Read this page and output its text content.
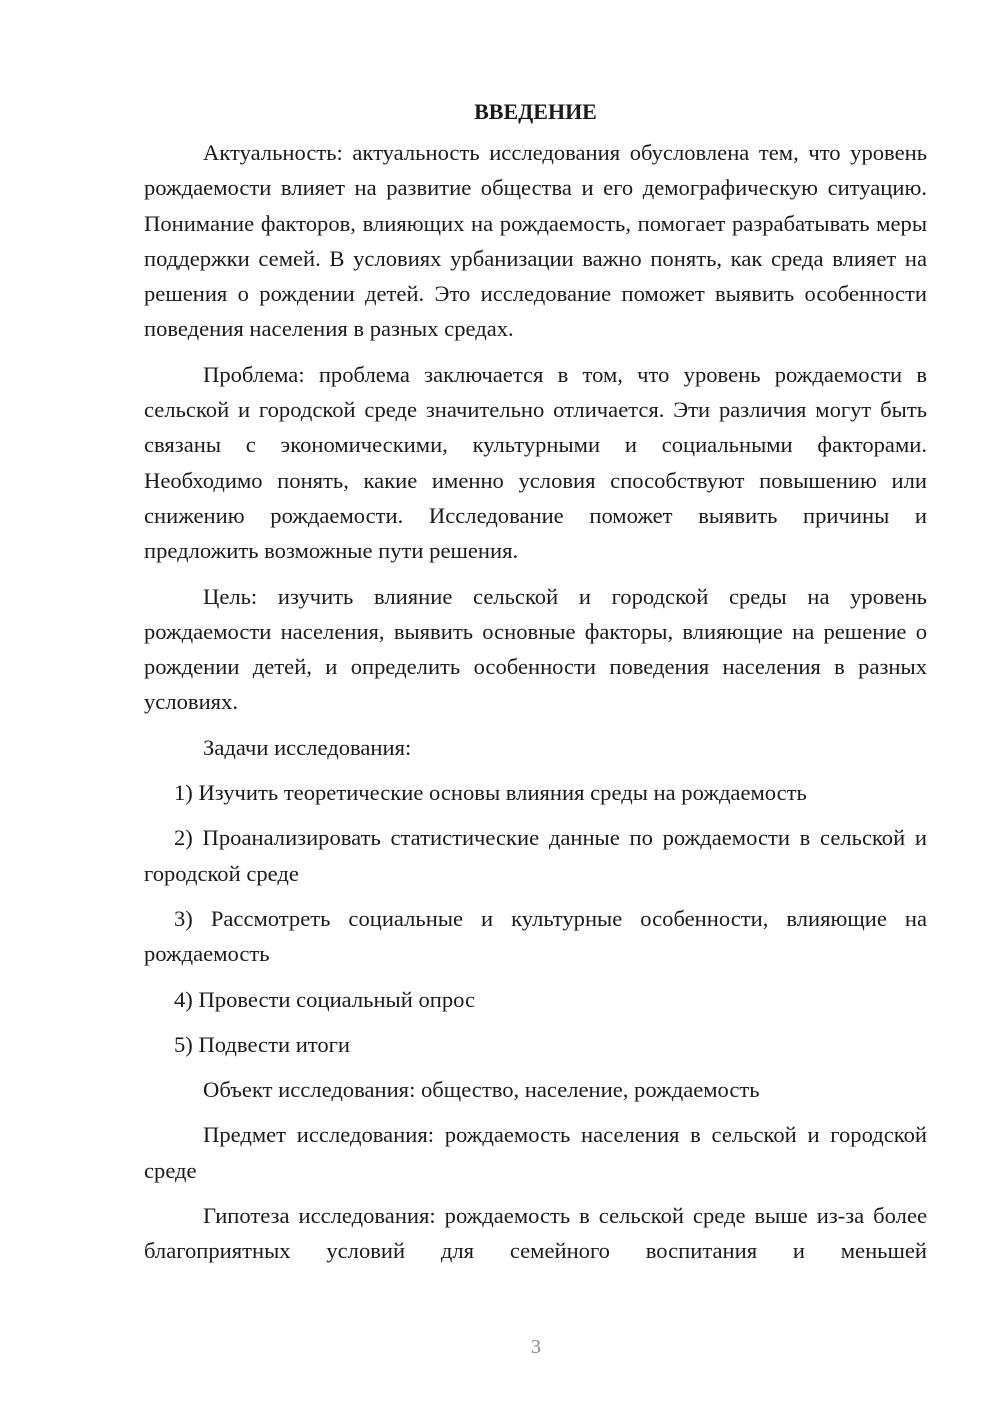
ВВЕДЕНИЕ

Актуальность: актуальность исследования обусловлена тем, что уровень рождаемости влияет на развитие общества и его демографическую ситуацию. Понимание факторов, влияющих на рождаемость, помогает разрабатывать меры поддержки семей. В условиях урбанизации важно понять, как среда влияет на решения о рождении детей. Это исследование поможет выявить особенности поведения населения в разных средах.

Проблема: проблема заключается в том, что уровень рождаемости в сельской и городской среде значительно отличается. Эти различия могут быть связаны с экономическими, культурными и социальными факторами. Необходимо понять, какие именно условия способствуют повышению или снижению рождаемости. Исследование поможет выявить причины и предложить возможные пути решения.

Цель: изучить влияние сельской и городской среды на уровень рождаемости населения, выявить основные факторы, влияющие на решение о рождении детей, и определить особенности поведения населения в разных условиях.

Задачи исследования:

1) Изучить теоретические основы влияния среды на рождаемость

2) Проанализировать статистические данные по рождаемости в сельской и городской среде

3) Рассмотреть социальные и культурные особенности, влияющие на рождаемость

4) Провести социальный опрос

5) Подвести итоги

Объект исследования: общество, население, рождаемость

Предмет исследования: рождаемость населения в сельской и городской среде

Гипотеза исследования: рождаемость в сельской среде выше из-за более благоприятных условий для семейного воспитания и меньшей

3
